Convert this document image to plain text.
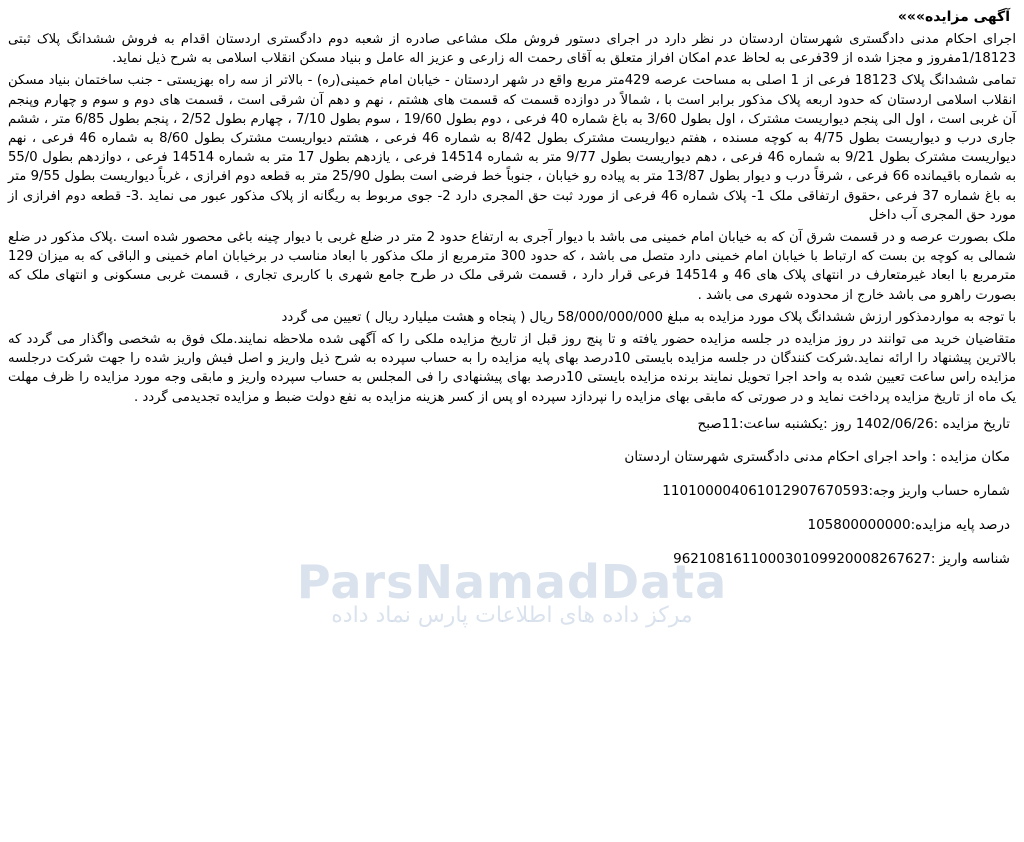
ParsNamadData
مرکز داده های اطلاعات پارس نماد داده
آگهی مزایده»»»

اجرای احکام مدنی دادگستری شهرستان اردستان در نظر دارد در اجرای دستور فروش ملک مشاعی صادره از شعبه دوم دادگستری اردستان اقدام به فروش ششدانگ پلاک ثبتی 1/18123مفروز و مجزا شده از 39فرعی به لحاظ عدم امکان افراز متعلق به آقای رحمت اله زارعی و عزیز اله عامل و بنیاد مسکن انقلاب اسلامی به شرح ذیل نماید.

تمامی ششدانگ پلاک 18123 فرعی از 1 اصلی به مساحت عرصه 429متر مربع واقع در شهر اردستان - خیابان امام خمینی(ره) - بالاتر از سه راه بهزیستی - جنب ساختمان بنیاد مسکن انقلاب اسلامی اردستان که حدود اربعه پلاک مذکور برابر است با ، شمالاً در دوازده قسمت که قسمت های هشتم ، نهم و دهم آن شرقی است ، قسمت های دوم و سوم و چهارم وپنجم آن غربی است ، اول الی پنجم دیواریست مشترک ، اول بطول 3/60 به باغ شماره 40 فرعی ، دوم بطول 19/60 ، سوم بطول 7/10 ، چهارم بطول 2/52 ، پنجم بطول 6/85 متر ، ششم جاری درب و دیواریست بطول 4/75 به کوچه مسنده ، هفتم دیواریست مشترک بطول 8/42 به شماره 46 فرعی ، هشتم دیواریست مشترک بطول 8/60 به شماره 46 فرعی ، نهم دیواریست مشترک بطول 9/21 به شماره 46 فرعی ، دهم دیواریست بطول 9/77 متر به شماره 14514 فرعی ، یازدهم بطول 17 متر به شماره 14514 فرعی ، دوازدهم بطول 55/0 به شماره باقیمانده 66 فرعی ، شرقاً درب و دیوار بطول 13/87 متر به پیاده رو خیابان ، جنوباً خط فرضی است بطول 25/90 متر به قطعه دوم افرازی ، غرباً دیواریست بطول 9/55 متر به باغ شماره 37 فرعی ،حقوق ارتفاقی ملک 1- پلاک شماره 46 فرعی از مورد ثبت حق المجری دارد 2- جوی مربوط به ریگانه از پلاک مذکور عبور می نماید .3- قطعه دوم افرازی از مورد حق المجری آب داخل

ملک بصورت عرصه و در قسمت شرق آن که به خیابان امام خمینی می باشد با دیوار آجری به ارتفاع حدود 2 متر در ضلع غربی با دیوار چینه باغی محصور شده است .پلاک مذکور در ضلع شمالی به کوچه بن بست که ارتباط با خیابان امام خمینی دارد متصل می باشد ، که حدود 300 مترمربع از ملک مذکور با ابعاد مناسب در برخیابان امام خمینی و الباقی که به میزان 129 مترمربع با ابعاد غیرمتعارف در انتهای پلاک های 46 و 14514 فرعی قرار دارد ، قسمت شرقی ملک در طرح جامع شهری با کاربری تجاری ، قسمت غربی مسکونی و انتهای ملک که بصورت راهرو می باشد خارج از محدوده شهری می باشد .

با توجه به مواردمذکور ارزش ششدانگ پلاک مورد مزایده به مبلغ 58/000/000/000 ریال ( پنجاه و هشت میلیارد ریال ) تعیین می گردد

متقاضیان خرید می توانند در روز مزایده در جلسه مزایده حضور یافته و تا پنج روز قبل از تاریخ مزایده ملکی را که آگهی شده ملاحظه نمایند.ملک فوق به شخصی واگذار می گردد که بالاترین پیشنهاد را ارائه نماید.شرکت کنندگان در جلسه مزایده بایستی 10درصد بهای پایه مزایده را به حساب سپرده به شرح ذیل واریز و اصل فیش واریز شده را جهت شرکت درجلسه مزایده راس ساعت تعیین شده به واحد اجرا تحویل نمایند برنده مزایده بایستی 10درصد بهای پیشنهادی را فی المجلس به حساب سپرده واریز و مابقی وجه مورد مزایده را ظرف مهلت یک ماه از تاریخ مزایده پرداخت نماید و در صورتی که مابقی بهای مزایده را نپردازد سپرده او پس از کسر هزینه مزایده به نفع دولت ضبط و مزایده تجدیدمی گردد .

تاریخ مزایده :1402/06/26 روز :یکشنبه ساعت:11صبح
مکان مزایده : واحد اجرای احکام مدنی دادگستری شهرستان اردستان
شماره حساب واریز وجه:1101000040610129076705​93
درصد پایه مزایده:105800000000
شناسه واریز :962108161100030109920008267627
